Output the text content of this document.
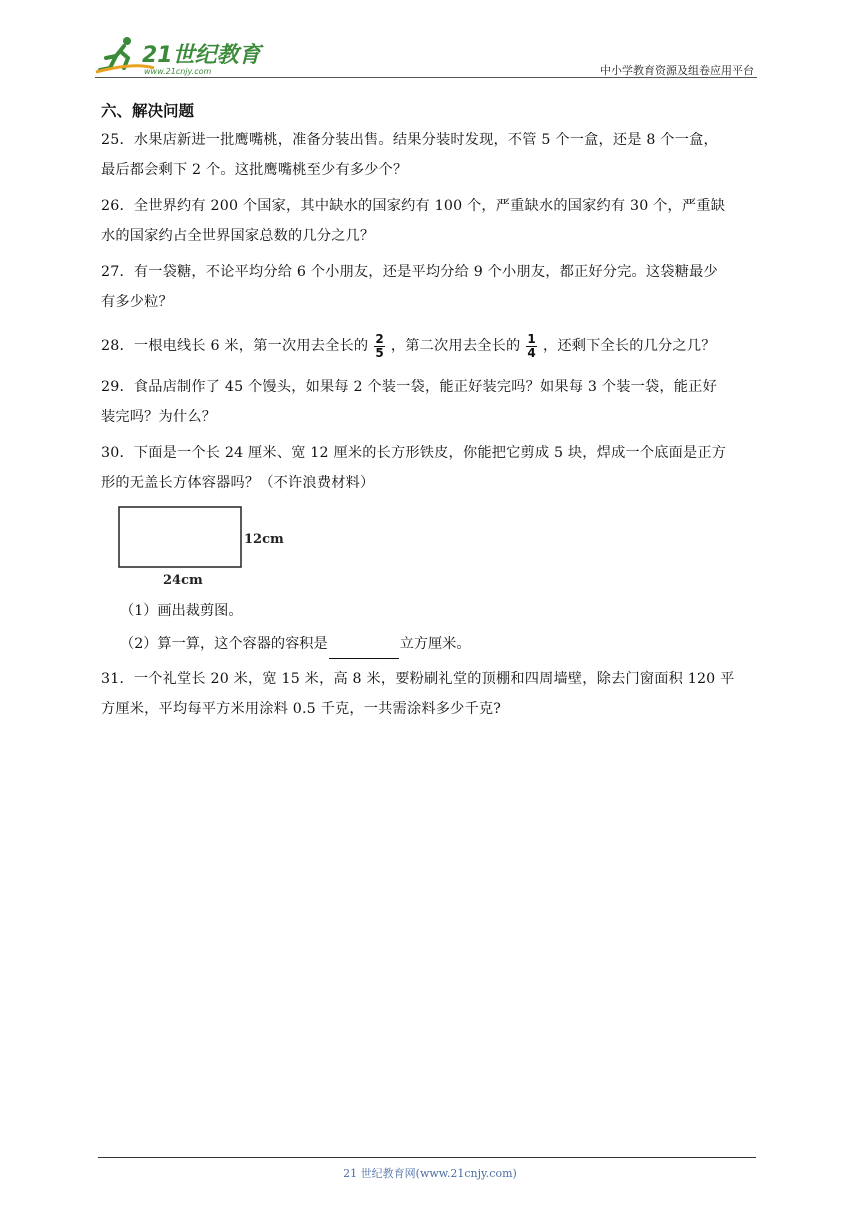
21世纪教育
www.21cnjy.com	中小学教育资源及组卷应用平台
六、解决问题
25．水果店新进一批鹰嘴桃，准备分装出售。结果分装时发现，不管 5 个一盒，还是 8 个一盒，
最后都会剩下 2 个。这批鹰嘴桃至少有多少个？
26．全世界约有 200 个国家，其中缺水的国家约有 100 个，严重缺水的国家约有 30 个，严重缺
水的国家约占全世界国家总数的几分之几？
27．有一袋糖，不论平均分给 6 个小朋友，还是平均分给 9 个小朋友，都正好分完。这袋糖最少
有多少粒？
28．一根电线长 6 米，第一次用去全长的 $\frac{2}{5}$ ，第二次用去全长的 $\frac{1}{4}$ ，还剩下全长的几分之几？
29．食品店制作了 45 个馒头，如果每 2 个装一袋，能正好装完吗？如果每 3 个装一袋，能正好
装完吗？为什么？
30．下面是一个长 24 厘米、宽 12 厘米的长方形铁皮，你能把它剪成 5 块，焊成一个底面是正方
形的无盖长方体容器吗？（不许浪费材料）
12cm
24cm
（1）画出裁剪图。
（2）算一算，这个容器的容积是	立方厘米。
31．一个礼堂长 20 米，宽 15 米，高 8 米，要粉刷礼堂的顶棚和四周墙壁，除去门窗面积 120 平
方厘米，平均每平方米用涂料 0.5 千克，一共需涂料多少千克?
21 世纪教育网(www.21cnjy.com)
